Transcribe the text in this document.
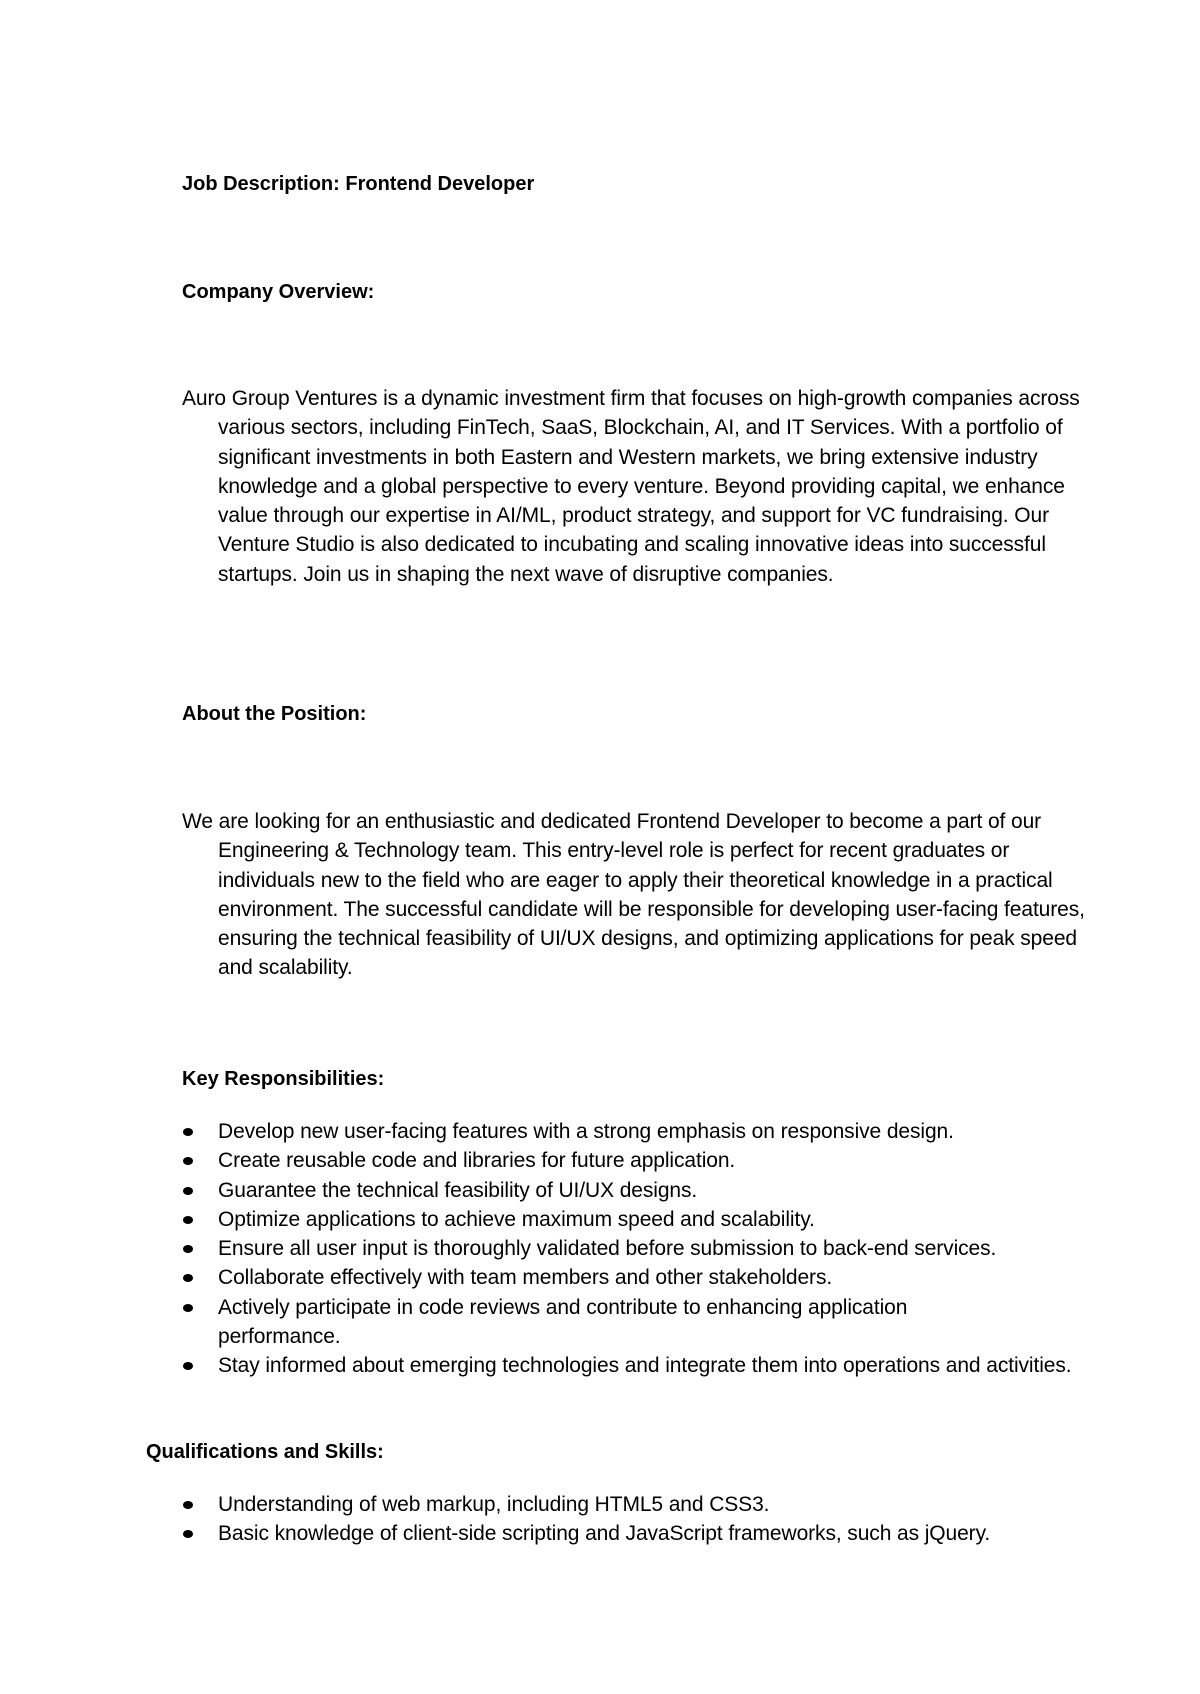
Job Description: Frontend Developer
Company Overview:
Auro Group Ventures is a dynamic investment firm that focuses on high-growth companies across various sectors, including FinTech, SaaS, Blockchain, AI, and IT Services. With a portfolio of significant investments in both Eastern and Western markets, we bring extensive industry knowledge and a global perspective to every venture. Beyond providing capital, we enhance value through our expertise in AI/ML, product strategy, and support for VC fundraising. Our Venture Studio is also dedicated to incubating and scaling innovative ideas into successful startups. Join us in shaping the next wave of disruptive companies.
About the Position:
We are looking for an enthusiastic and dedicated Frontend Developer to become a part of our Engineering & Technology team. This entry-level role is perfect for recent graduates or individuals new to the field who are eager to apply their theoretical knowledge in a practical environment. The successful candidate will be responsible for developing user-facing features, ensuring the technical feasibility of UI/UX designs, and optimizing applications for peak speed and scalability.
Key Responsibilities:
Develop new user-facing features with a strong emphasis on responsive design.
Create reusable code and libraries for future application.
Guarantee the technical feasibility of UI/UX designs.
Optimize applications to achieve maximum speed and scalability.
Ensure all user input is thoroughly validated before submission to back-end services.
Collaborate effectively with team members and other stakeholders.
Actively participate in code reviews and contribute to enhancing application performance.
Stay informed about emerging technologies and integrate them into operations and activities.
Qualifications and Skills:
Understanding of web markup, including HTML5 and CSS3.
Basic knowledge of client-side scripting and JavaScript frameworks, such as jQuery.
